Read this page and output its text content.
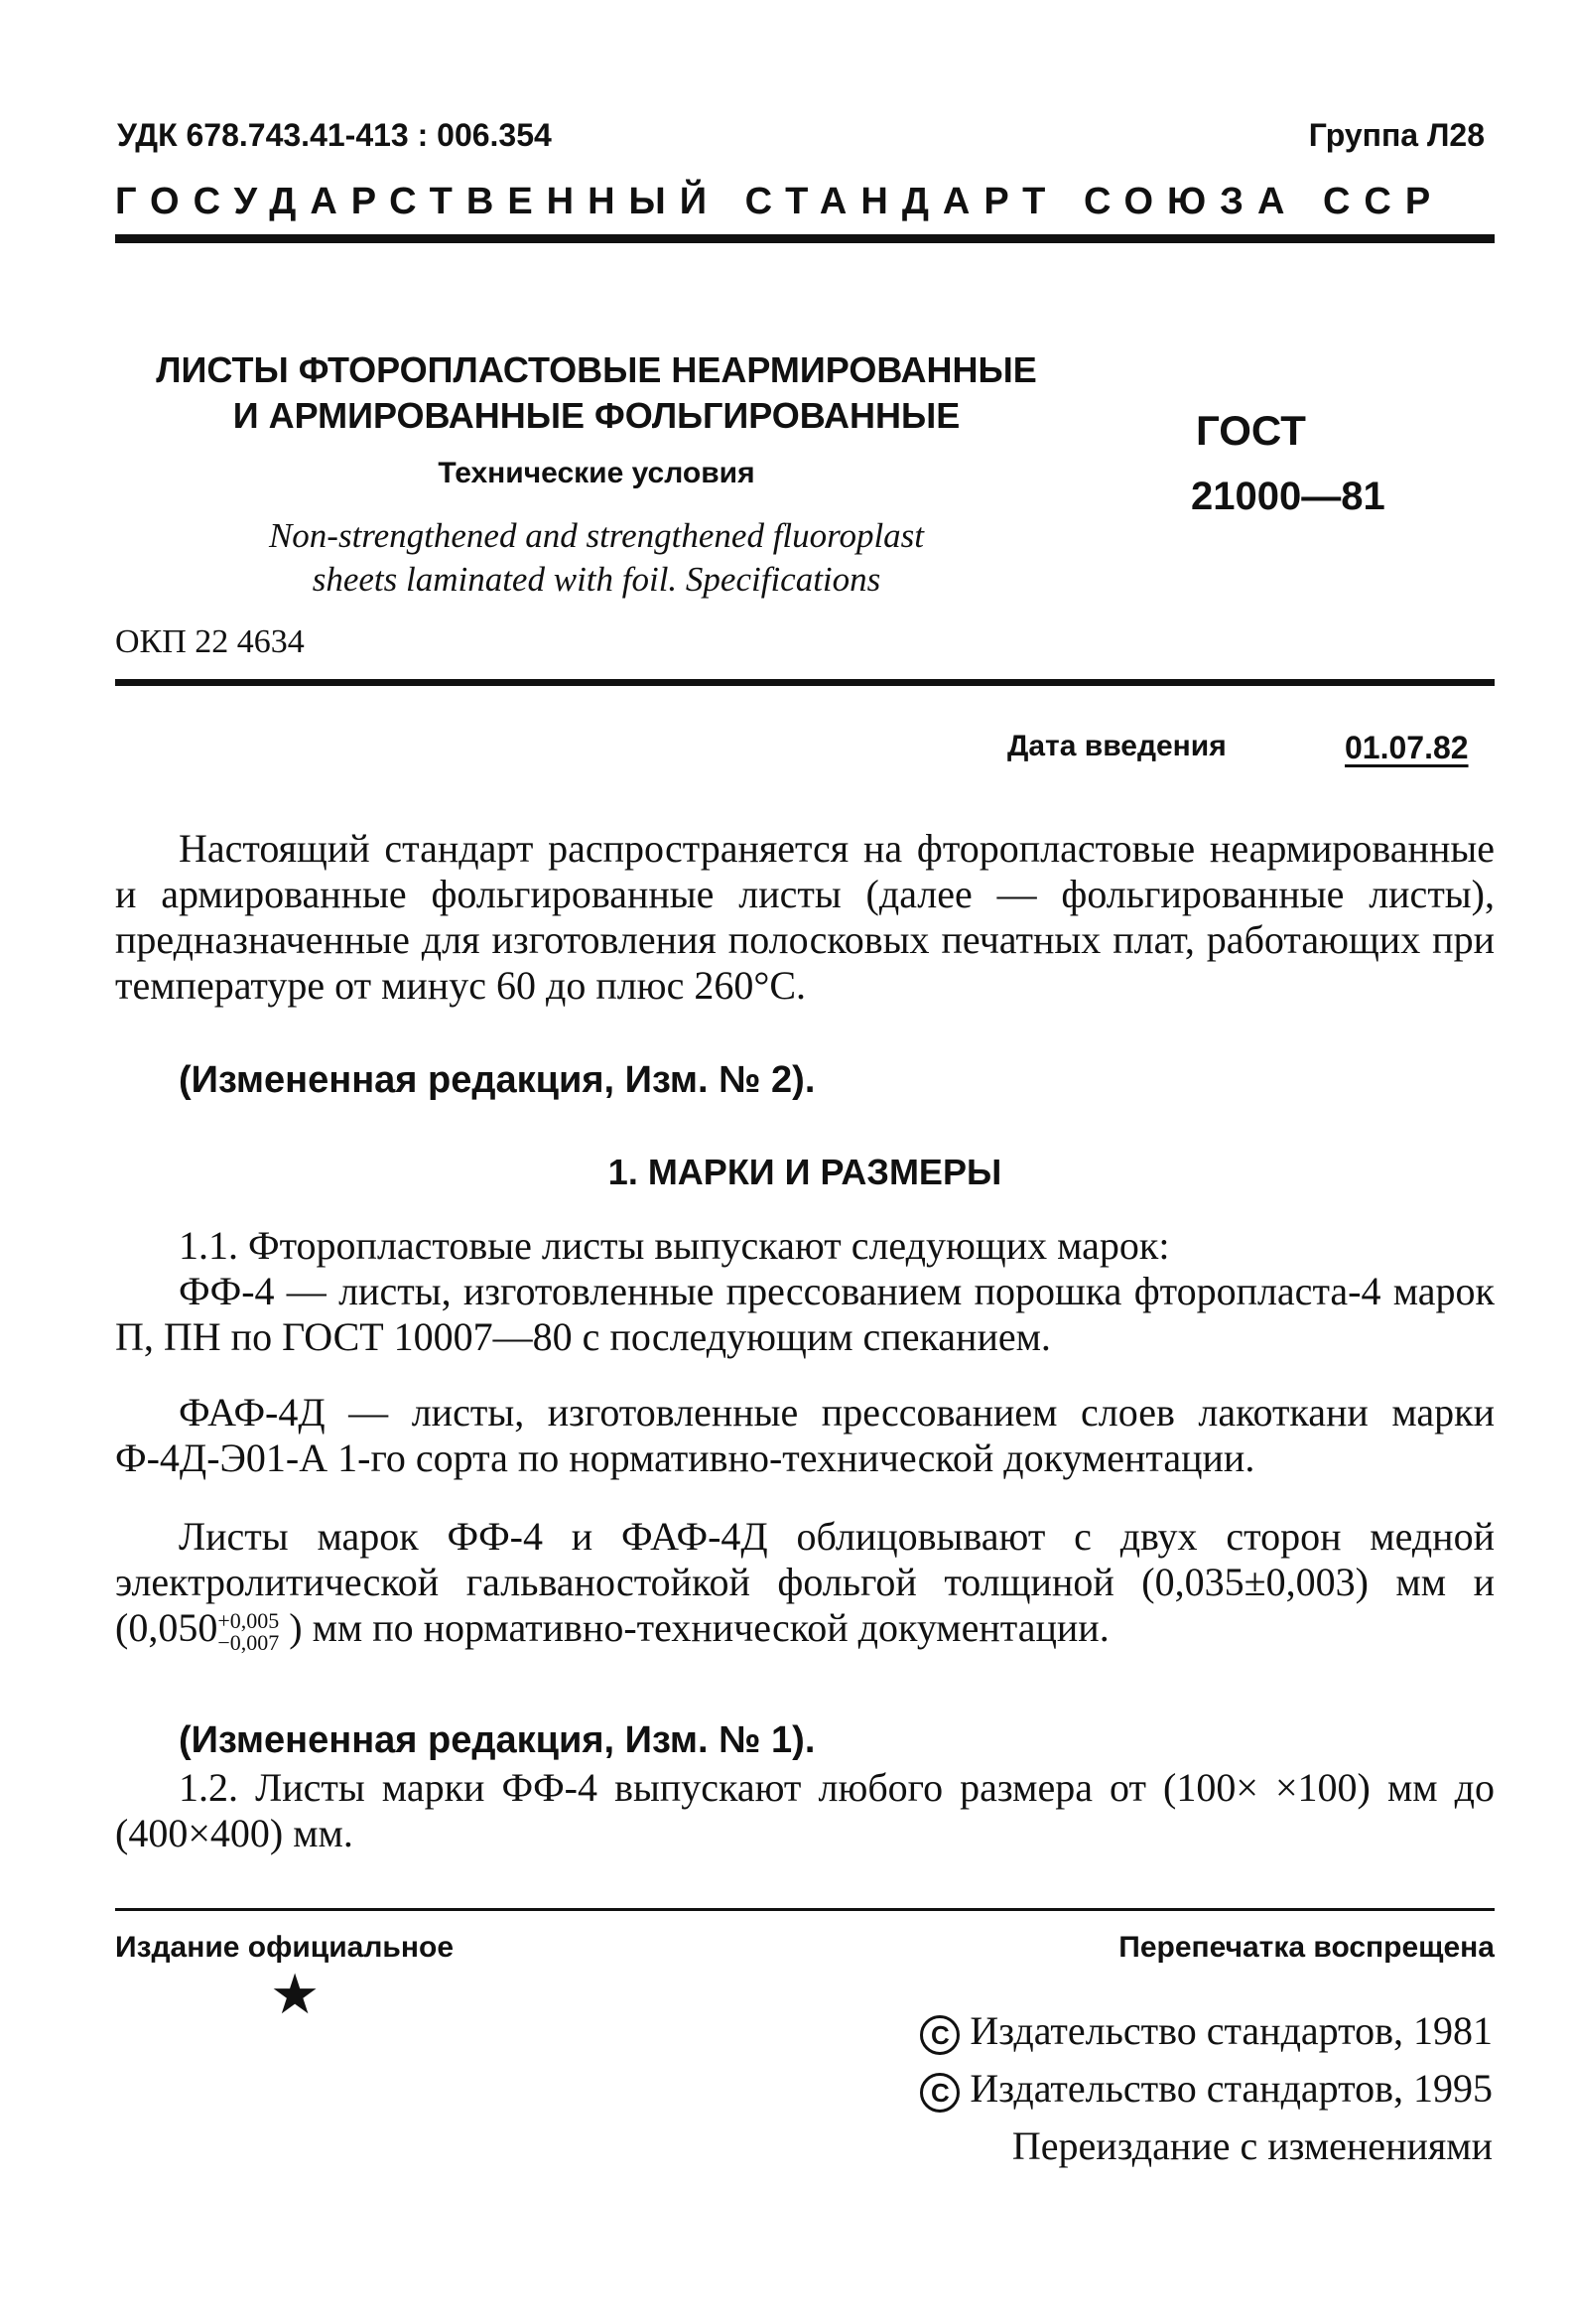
УДК 678.743.41-413 : 006.354	Группа Л28
ГОСУДАРСТВЕННЫЙ СТАНДАРТ СОЮЗА ССР
ЛИСТЫ ФТОРОПЛАСТОВЫЕ НЕАРМИРОВАННЫЕ
И АРМИРОВАННЫЕ ФОЛЬГИРОВАННЫЕ
Технические условия
Non-strengthened and strengthened fluoroplast
sheets laminated with foil. Specifications
ГОСТ
21000—81
ОКП 22 4634
Дата введения	01.07.82

Настоящий стандарт распространяется на фторопластовые неармированные и армированные фольгированные листы (далее — фольгированные листы), предназначенные для изготовления полосковых печатных плат, работающих при температуре от минус 60 до плюс 260°С.

(Измененная редакция, Изм. № 2).

1. МАРКИ И РАЗМЕРЫ

1.1. Фторопластовые листы выпускают следующих марок:

ФФ-4 — листы, изготовленные прессованием порошка фторопласта-4 марок П, ПН по ГОСТ 10007—80 с последующим спеканием.

ФАФ-4Д — листы, изготовленные прессованием слоев лакоткани марки Ф-4Д-Э01-А 1-го сорта по нормативно-технической документации.

Листы марок ФФ-4 и ФАФ-4Д облицовывают с двух сторон медной электролитической гальваностойкой фольгой толщиной (0,035±0,003) мм и (0,050 +0,005
−0,007 ) мм по нормативно-технической документации.

(Измененная редакция, Изм. № 1).

1.2. Листы марки ФФ-4 выпускают любого размера от (100× ×100) мм до (400×400) мм.

Издание официальное	Перепечатка воспрещена
★
C Издательство стандартов, 1981
C Издательство стандартов, 1995
Переиздание с изменениями
